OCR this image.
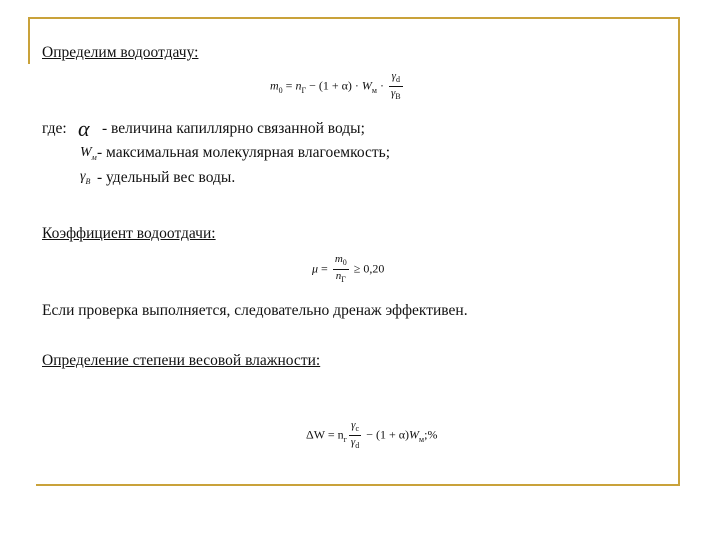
Определим водоотдачу:
$m_0 = n_Г - (1 + \alpha) \cdot W_м \cdot \frac{\gamma_d}{\gamma_B}$
где: α - величина капиллярно связанной воды;
$W_м$ - максимальная молекулярная влагоемкость;
$\gamma_B$ - удельный вес воды.
Коэффициент водоотдачи:
$\mu = \frac{m_0}{n_Г} \ge 0,20$
Если проверка выполняется, следовательно дренаж эффективен.
Определение степени весовой влажности:
$\Delta W = n_г \frac{\gamma_с}{\gamma_d} - (1$ + $\alpha)W_м;\%$
